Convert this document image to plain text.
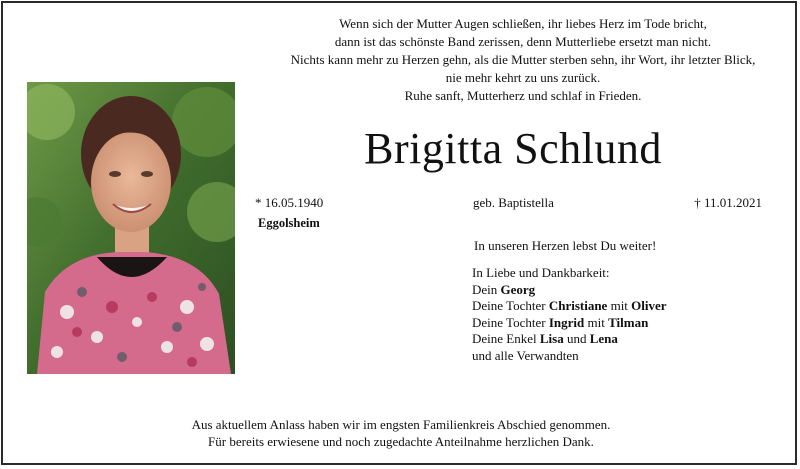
Wenn sich der Mutter Augen schließen, ihr liebes Herz im Tode bricht,
dann ist das schönste Band zerissen, denn Mutterliebe ersetzt man nicht.
Nichts kann mehr zu Herzen gehn, als die Mutter sterben sehn, ihr Wort, ihr letzter Blick,
nie mehr kehrt zu uns zurück.
Ruhe sanft, Mutterherz und schlaf in Frieden.
Brigitta Schlund
* 16.05.1940
Eggolsheim
geb. Baptistella	† 11.01.2021
In unseren Herzen lebst Du weiter!
In Liebe und Dankbarkeit:
Dein Georg
Deine Tochter Christiane mit Oliver
Deine Tochter Ingrid mit Tilman
Deine Enkel Lisa und Lena
und alle Verwandten
Aus aktuellem Anlass haben wir im engsten Familienkreis Abschied genommen.
Für bereits erwiesene und noch zugedachte Anteilnahme herzlichen Dank.
